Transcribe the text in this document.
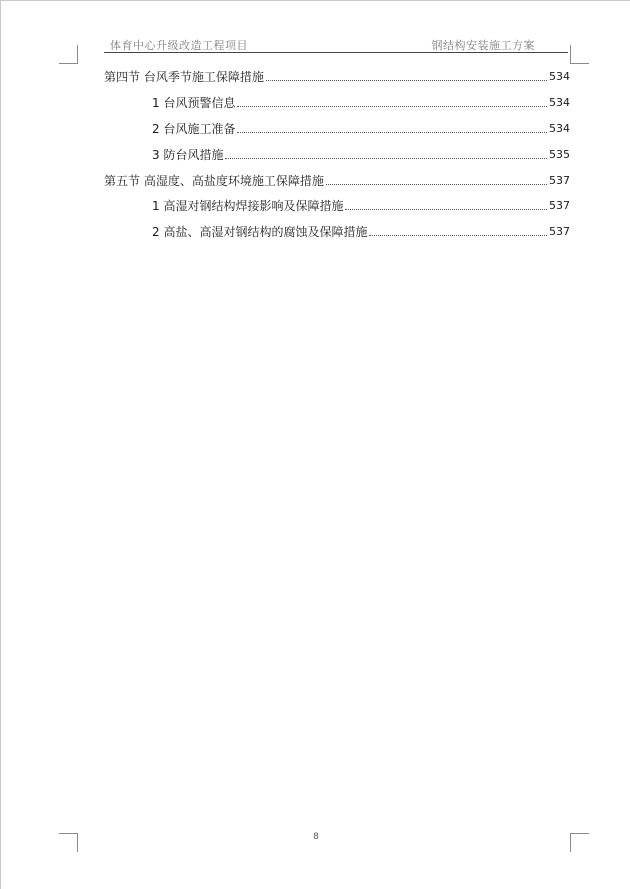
体育中心升级改造工程项目	钢结构安装施工方案
第四节 台风季节施工保障措施	534
1 台风预警信息	534
2 台风施工准备	534
3 防台风措施	535
第五节 高湿度、高盐度环境施工保障措施	537
1 高湿对钢结构焊接影响及保障措施	537
2 高盐、高湿对钢结构的腐蚀及保障措施	537
8
